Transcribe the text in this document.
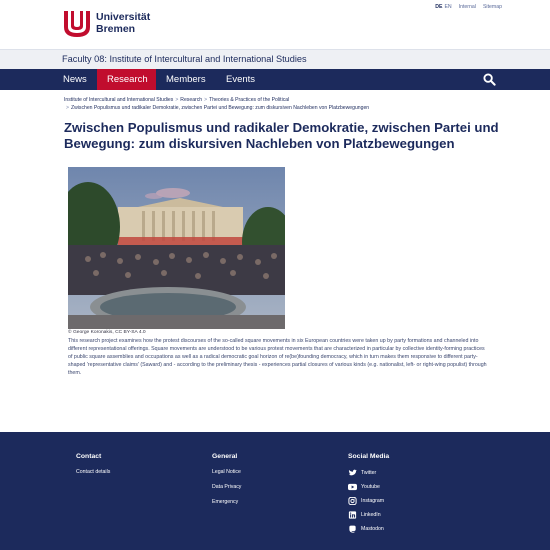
Universität
Bremen
DE EN Internal Sitemap
Faculty 08: Institute of Intercultural and International Studies
News	Research	Members	Events
Institute of Intercultural and International Studies > Research > Theories & Practices of the Political
> Zwischen Populismus und radikaler Demokratie, zwischen Partei und Bewegung: zum diskursiven Nachleben von Platzbewegungen
Zwischen Populismus und radikaler Demokratie, zwischen Partei und Bewegung: zum diskursiven Nachleben von Platzbewegungen
© George Koronakis, CC BY-SA 4.0

This research project examines how the protest discourses of the so-called square movements in six European countries were taken up by party formations and channeled into different representational offerings. Square movements are understood to be various protest movements that are characterized in particular by collective identity-forming practices of public square assemblies and occupations as well as a radical democratic goal horizon of re(be)founding democracy, which in turn makes them responsive to different party-shaped 'representative claims' (Saward) and - according to the preliminary thesis - experiences partial closures of various kinds (e.g. nationalist, left- or right-wing populist) through them.

Contact
Contact details
General
Legal Notice
Data Privacy
Emergency
Social Media
Twitter
Youtube
Instagram
LinkedIn
Mastodon
